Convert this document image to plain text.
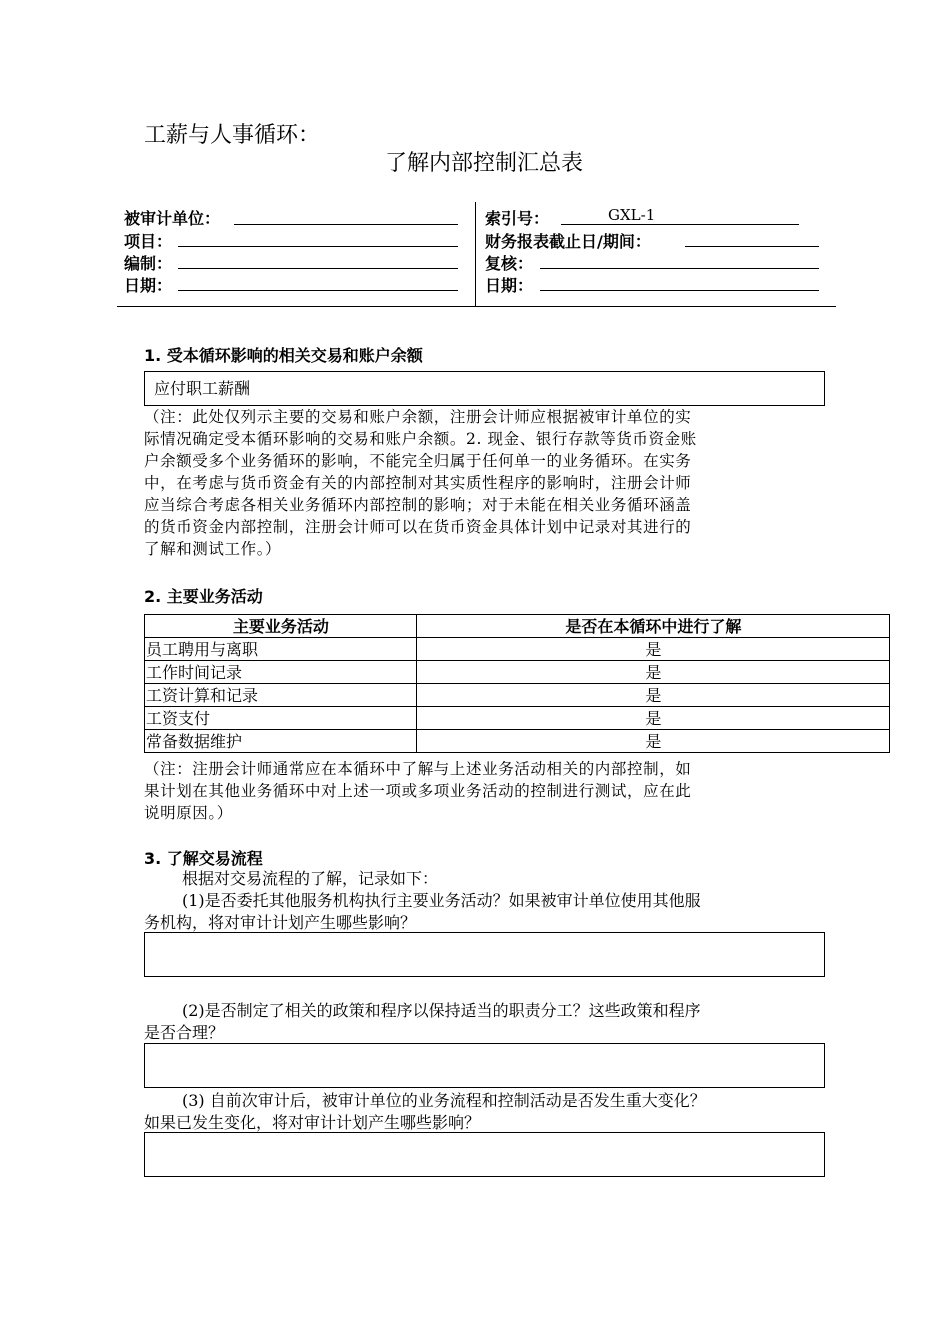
工薪与人事循环：
了解内部控制汇总表
被审计单位：
项目：
编制：
日期：
索引号：	GXL-1
财务报表截止日/期间：
复核：
日期：
1. 受本循环影响的相关交易和账户余额
应付职工薪酬
（注：此处仅列示主要的交易和账户余额，注册会计师应根据被审计单位的实
际情况确定受本循环影响的交易和账户余额。2. 现金、银行存款等货币资金账
户余额受多个业务循环的影响，不能完全归属于任何单一的业务循环。在实务
中，在考虑与货币资金有关的内部控制对其实质性程序的影响时，注册会计师
应当综合考虑各相关业务循环内部控制的影响；对于未能在相关业务循环涵盖
的货币资金内部控制，注册会计师可以在货币资金具体计划中记录对其进行的
了解和测试工作。）
2. 主要业务活动
主要业务活动	是否在本循环中进行了解
员工聘用与离职	是
工作时间记录	是
工资计算和记录	是
工资支付	是
常备数据维护	是
（注：注册会计师通常应在本循环中了解与上述业务活动相关的内部控制，如
果计划在其他业务循环中对上述一项或多项业务活动的控制进行测试，应在此
说明原因。）
3. 了解交易流程
根据对交易流程的了解，记录如下：
(1)是否委托其他服务机构执行主要业务活动？如果被审计单位使用其他服
务机构，将对审计计划产生哪些影响？
(2)是否制定了相关的政策和程序以保持适当的职责分工？这些政策和程序
是否合理？
(3) 自前次审计后，被审计单位的业务流程和控制活动是否发生重大变化？
如果已发生变化，将对审计计划产生哪些影响？
